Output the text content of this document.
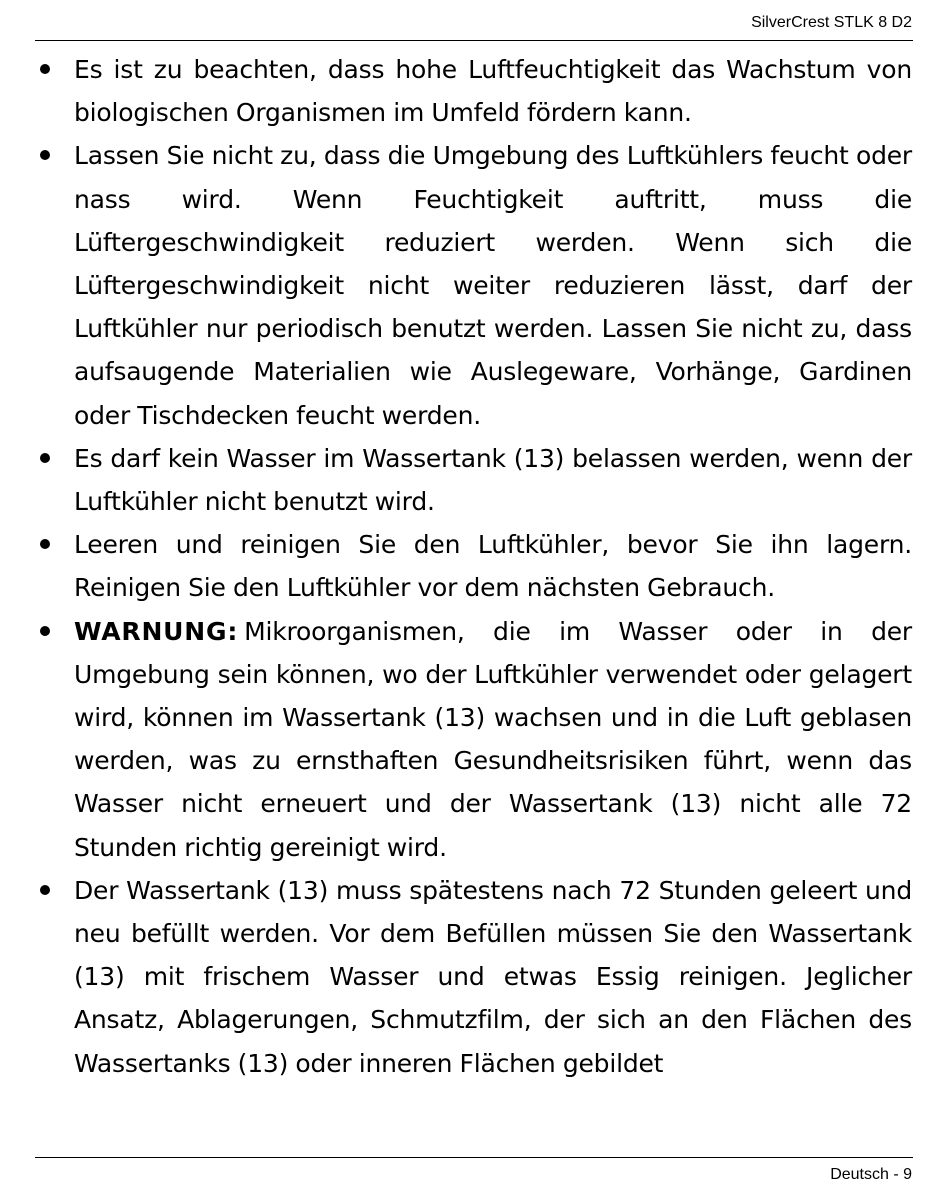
SilverCrest STLK 8 D2
Es ist zu beachten, dass hohe Luftfeuchtigkeit das Wachstum von biologischen Organismen im Umfeld fördern kann.
Lassen Sie nicht zu, dass die Umgebung des Luftkühlers feucht oder nass wird. Wenn Feuchtigkeit auftritt, muss die Lüftergeschwindigkeit reduziert werden. Wenn sich die Lüftergeschwindigkeit nicht weiter reduzieren lässt, darf der Luftkühler nur periodisch benutzt werden. Lassen Sie nicht zu, dass aufsaugende Materialien wie Auslegeware, Vorhänge, Gardinen oder Tischdecken feucht werden.
Es darf kein Wasser im Wassertank (13) belassen werden, wenn der Luftkühler nicht benutzt wird.
Leeren und reinigen Sie den Luftkühler, bevor Sie ihn lagern. Reinigen Sie den Luftkühler vor dem nächsten Gebrauch.
WARNUNG: Mikroorganismen, die im Wasser oder in der Umgebung sein können, wo der Luftkühler verwendet oder gelagert wird, können im Wassertank (13) wachsen und in die Luft geblasen werden, was zu ernsthaften Gesundheitsrisiken führt, wenn das Wasser nicht erneuert und der Wassertank (13) nicht alle 72 Stunden richtig gereinigt wird.
Der Wassertank (13) muss spätestens nach 72 Stunden geleert und neu befüllt werden. Vor dem Befüllen müssen Sie den Wassertank (13) mit frischem Wasser und etwas Essig reinigen. Jeglicher Ansatz, Ablagerungen, Schmutzfilm, der sich an den Flächen des Wassertanks (13) oder inneren Flächen gebildet
Deutsch - 9
